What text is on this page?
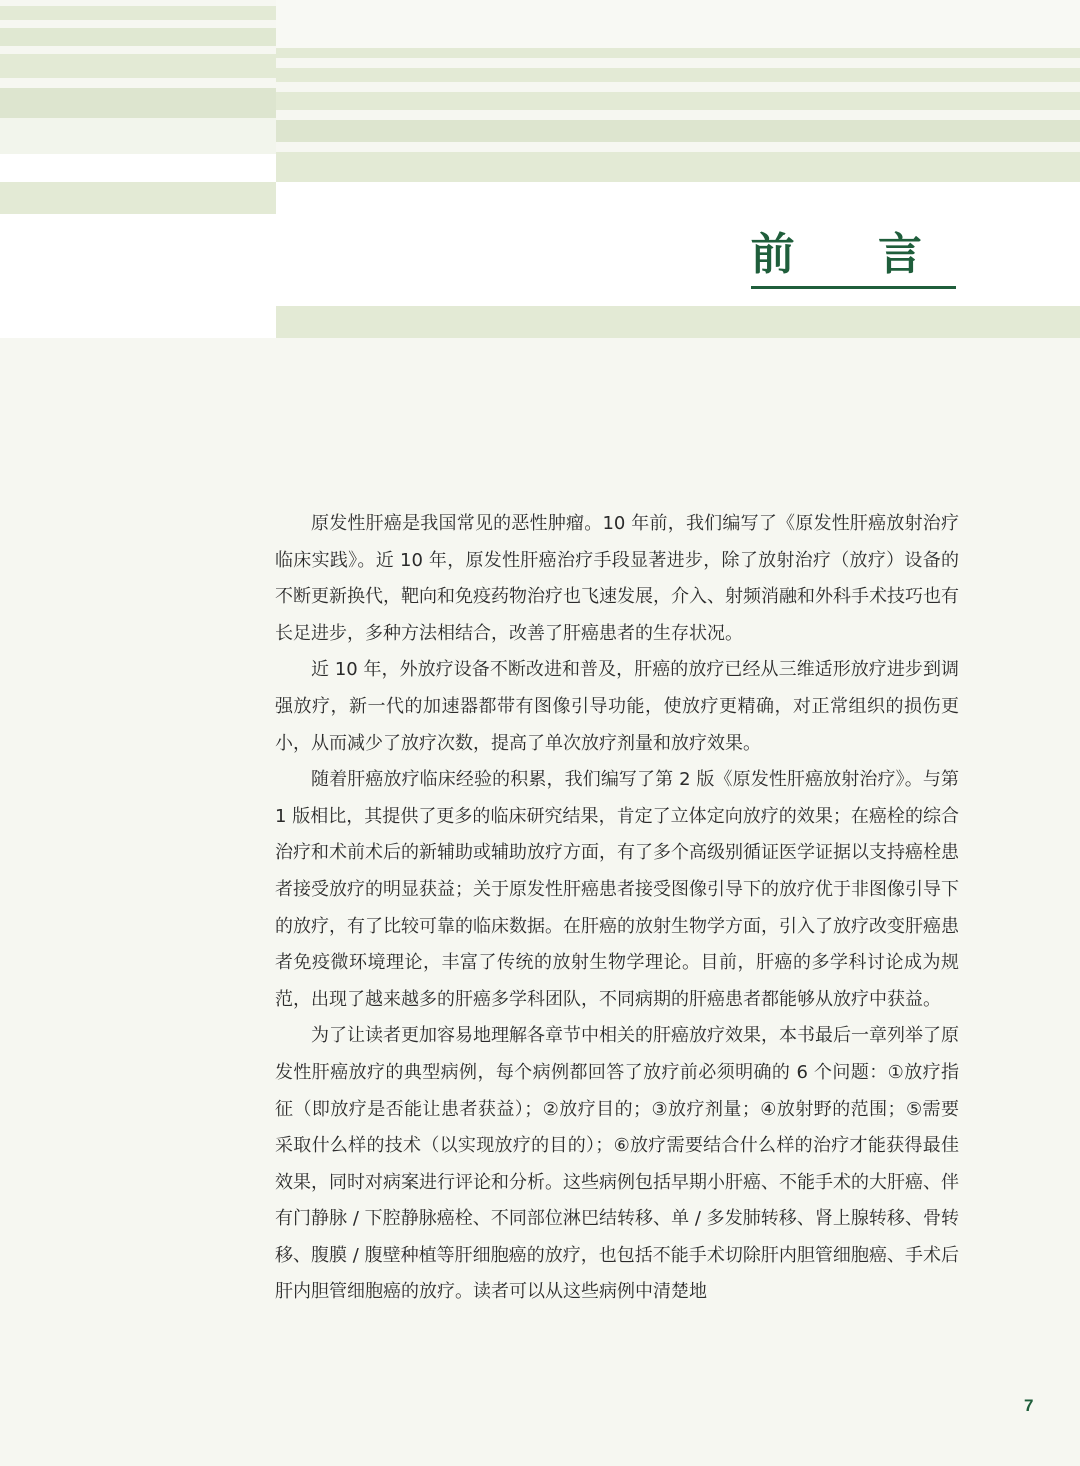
前 言

原发性肝癌是我国常见的恶性肿瘤。10 年前，我们编写了《原发性肝癌放射治疗临床实践》。近 10 年，原发性肝癌治疗手段显著进步，除了放射治疗（放疗）设备的不断更新换代，靶向和免疫药物治疗也飞速发展，介入、射频消融和外科手术技巧也有长足进步，多种方法相结合，改善了肝癌患者的生存状况。

近 10 年，外放疗设备不断改进和普及，肝癌的放疗已经从三维适形放疗进步到调强放疗，新一代的加速器都带有图像引导功能，使放疗更精确，对正常组织的损伤更小，从而减少了放疗次数，提高了单次放疗剂量和放疗效果。

随着肝癌放疗临床经验的积累，我们编写了第 2 版《原发性肝癌放射治疗》。与第 1 版相比，其提供了更多的临床研究结果，肯定了立体定向放疗的效果；在癌栓的综合治疗和术前术后的新辅助或辅助放疗方面，有了多个高级别循证医学证据以支持癌栓患者接受放疗的明显获益；关于原发性肝癌患者接受图像引导下的放疗优于非图像引导下的放疗，有了比较可靠的临床数据。在肝癌的放射生物学方面，引入了放疗改变肝癌患者免疫微环境理论，丰富了传统的放射生物学理论。目前，肝癌的多学科讨论成为规范，出现了越来越多的肝癌多学科团队，不同病期的肝癌患者都能够从放疗中获益。

为了让读者更加容易地理解各章节中相关的肝癌放疗效果，本书最后一章列举了原发性肝癌放疗的典型病例，每个病例都回答了放疗前必须明确的 6 个问题：①放疗指征（即放疗是否能让患者获益）；②放疗目的；③放疗剂量；④放射野的范围；⑤需要采取什么样的技术（以实现放疗的目的）；⑥放疗需要结合什么样的治疗才能获得最佳效果，同时对病案进行评论和分析。这些病例包括早期小肝癌、不能手术的大肝癌、伴有门静脉 / 下腔静脉癌栓、不同部位淋巴结转移、单 / 多发肺转移、肾上腺转移、骨转移、腹膜 / 腹壁种植等肝细胞癌的放疗，也包括不能手术切除肝内胆管细胞癌、手术后肝内胆管细胞癌的放疗。读者可以从这些病例中清楚地

7
